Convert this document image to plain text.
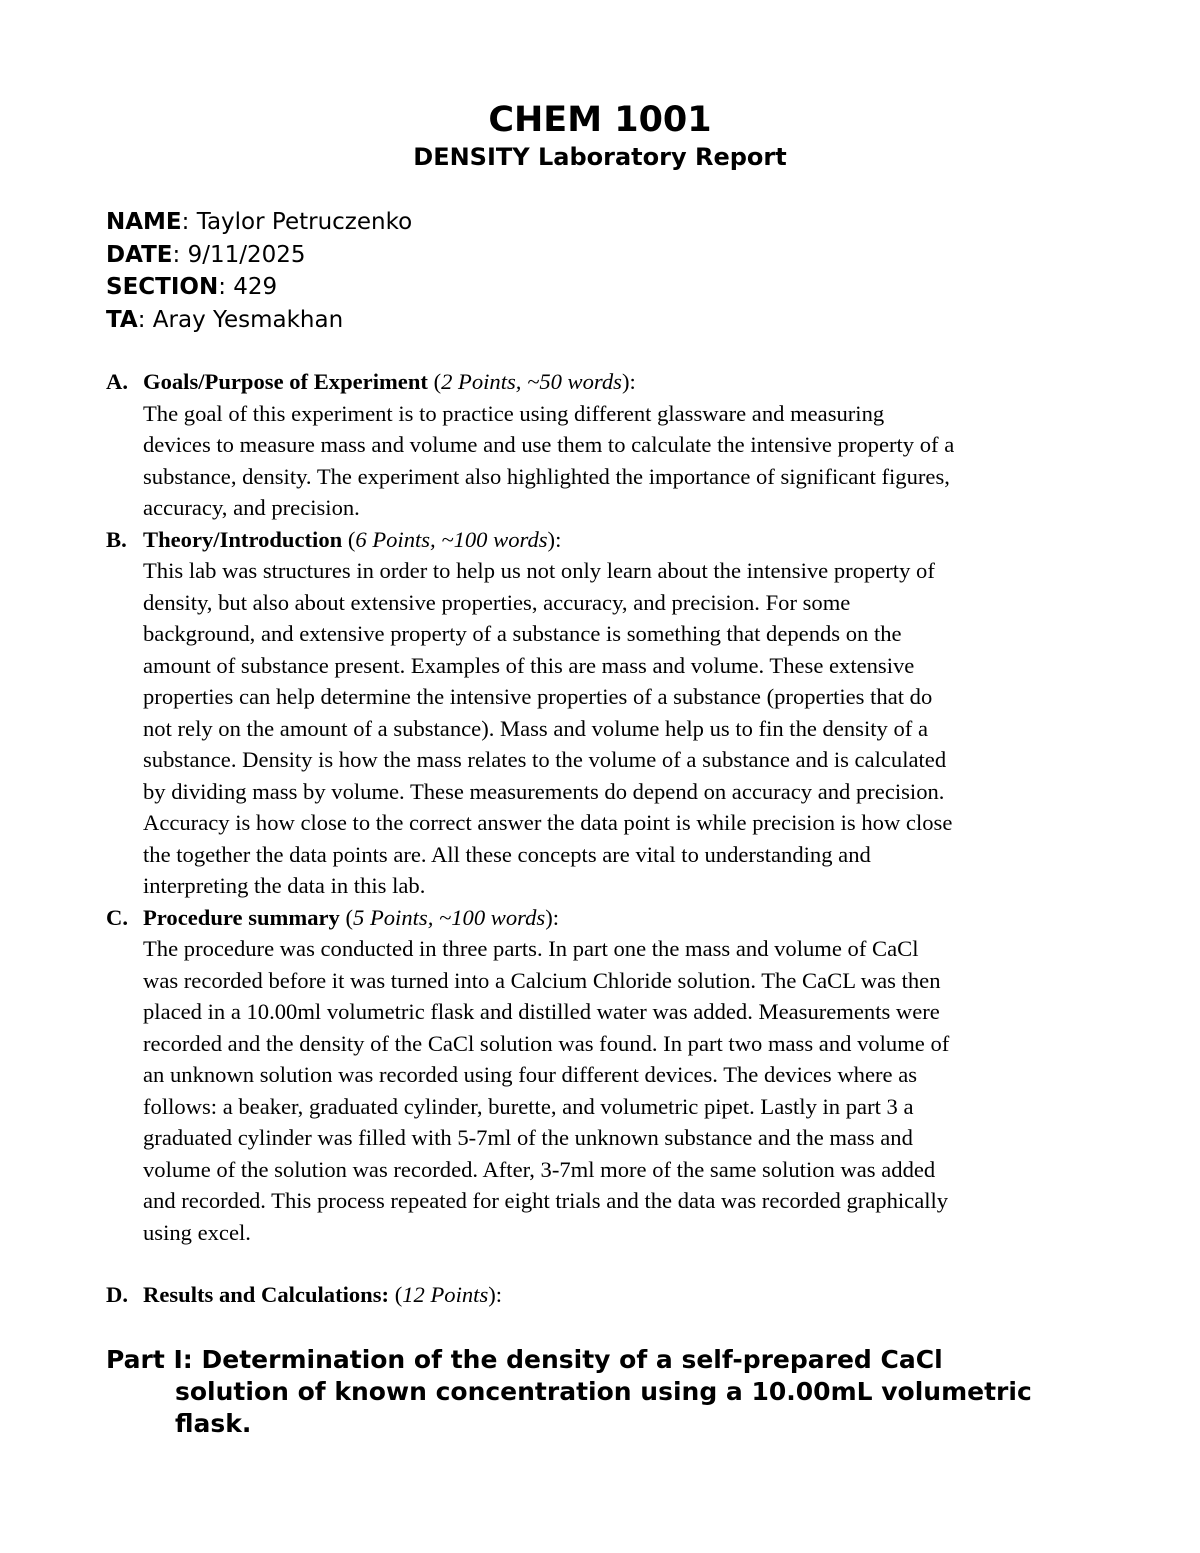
CHEM 1001
DENSITY Laboratory Report
NAME: Taylor Petruczenko
DATE: 9/11/2025
SECTION: 429
TA: Aray Yesmakhan
A. Goals/Purpose of Experiment (2 Points, ~50 words):
The goal of this experiment is to practice using different glassware and measuring
devices to measure mass and volume and use them to calculate the intensive property of a
substance, density. The experiment also highlighted the importance of significant figures,
accuracy, and precision.
B. Theory/Introduction (6 Points, ~100 words):
This lab was structures in order to help us not only learn about the intensive property of
density, but also about extensive properties, accuracy, and precision. For some
background, and extensive property of a substance is something that depends on the
amount of substance present. Examples of this are mass and volume. These extensive
properties can help determine the intensive properties of a substance (properties that do
not rely on the amount of a substance). Mass and volume help us to fin the density of a
substance. Density is how the mass relates to the volume of a substance and is calculated
by dividing mass by volume. These measurements do depend on accuracy and precision.
Accuracy is how close to the correct answer the data point is while precision is how close
the together the data points are. All these concepts are vital to understanding and
interpreting the data in this lab.
C. Procedure summary (5 Points, ~100 words):
The procedure was conducted in three parts. In part one the mass and volume of CaCl
was recorded before it was turned into a Calcium Chloride solution. The CaCL was then
placed in a 10.00ml volumetric flask and distilled water was added. Measurements were
recorded and the density of the CaCl solution was found. In part two mass and volume of
an unknown solution was recorded using four different devices. The devices where as
follows: a beaker, graduated cylinder, burette, and volumetric pipet. Lastly in part 3 a
graduated cylinder was filled with 5-7ml of the unknown substance and the mass and
volume of the solution was recorded. After, 3-7ml more of the same solution was added
and recorded. This process repeated for eight trials and the data was recorded graphically
using excel.
D. Results and Calculations: (12 Points):
Part I: Determination of the density of a self-prepared CaCl
solution of known concentration using a 10.00mL volumetric
flask.
